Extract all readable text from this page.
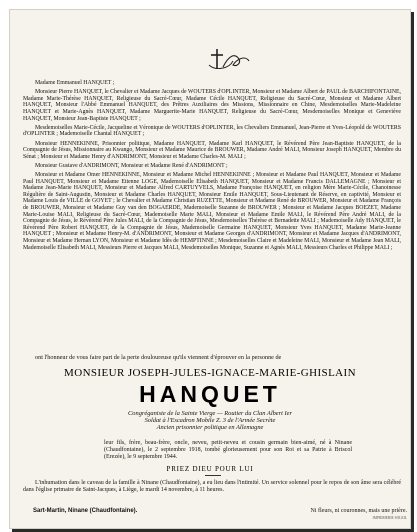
Madame Emmanuel HANQUET ;

Monsieur Pierre HANQUET, le Chevalier et Madame Jacques de WOUTERS d'OPLINTER, Monsieur et Madame Albert de PAUL de BARCHIFONTAINE, Madame Marie-Thérèse HANQUET, Religieuse du Sacré-Cœur, Madame Cécile HANQUET, Religieuse du Sacré-Cœur, Monsieur et Madame Albert HANQUET, Monsieur l'Abbé Emmanuel HANQUET, des Prêtres Auxiliaires des Missions, Missionnaire en Chine, Mesdemoiselles Marie-Madeleine HANQUET et Marie-Agnès HANQUET, Madame Marguerite-Marie HANQUET, Religieuse du Sacré-Cœur, Mesdemoiselles Monique et Geneviève HANQUET, Monsieur Jean-Baptiste HANQUET ;

Mesdemoiselles Marie-Cécile, Jacqueline et Véronique de WOUTERS d'OPLINTER, les Chevaliers Emmanuel, Jean-Pierre et Yves-Léopold de WOUTERS d'OPLINTER ; Mademoiselle Chantal HANQUET ;

Monsieur HENNEKINNE, Prisonnier politique, Madame HANQUET, Madame Karl HANQUET, le Révérend Père Jean-Baptiste HANQUET, de la Compagnie de Jésus, Missionnaire au Kwango, Monsieur et Madame Maurice de BROUWER, Madame André MALI, Monsieur Joseph HANQUET, Membre du Sénat ; Monsieur et Madame Henry d'ANDRIMONT, Monsieur et Madame Charles-M. MALI ;

Monsieur Gustave d'ANDRIMONT, Monsieur et Madame René d'ANDRIMONT ;

Monsieur et Madame Omer HENNEKINNE, Monsieur et Madame Michel HENNEKINNE ; Monsieur et Madame Paul HANQUET, Monsieur et Madame Paul HANQUET, Monsieur et Madame Etienne LOGE, Mademoiselle Elisabeth HANQUET, Monsieur et Madame Francis DALLEMAGNE ; Monsieur et Madame Jean-Marie HANQUET, Monsieur et Madame Alfred CARTUYVELS, Madame Françoise HANQUET, en religion Mère Marie-Cécile, Chanoinesse Régulière de Saint-Augustin, Monsieur et Madame Charles HANQUET, Monsieur Emile HANQUET, Sous-Lieutenant de Réserve, en captivité, Monsieur et Madame Louis de VILLE de GOYET ; le Chevalier et Madame Christian RUZETTE, Monsieur et Madame René de BROUWER, Monsieur et Madame François de BROUWER, Monsieur et Madame Guy van den BOGAERDE, Mademoiselle Suzanne de BROUWER ; Monsieur et Madame Jacques BOEZET, Madame Marie-Louise MALI, Religieuse du Sacré-Cœur, Mademoiselle Marie MALI, Monsieur et Madame Emile MALI, le Révérend Père André MALI, de la Compagnie de Jésus, le Révérend Père Jules MALI, de la Compagnie de Jésus, Mesdemoiselles Thérèse et Bernadette MALI ; Mademoiselle Ady HANQUET, le Révérend Père Robert HANQUET, de la Compagnie de Jésus, Mademoiselle Germaine HANQUET, Monsieur Yves HANQUET, Madame Marie-Jeanne HANQUET ; Monsieur et Madame Henry-M. d'ANDRIMONT, Monsieur et Madame Georges d'ANDRIMONT, Monsieur et Madame Jacques d'ANDRIMONT, Monsieur et Madame Hernan LYON, Monsieur et Madame Idès de HEMPTINNE ; Mesdemoiselles Claire et Madeleine MALI, Monsieur et Madame Jean MALI, Mademoiselle Elisabeth MALI, Messieurs Pierre et Jacques MALI, Mesdemoiselles Monique, Suzanne et Agnès MALI, Messieurs Charles et Philippe MALI ;

ont l'honneur de vous faire part de la perte douloureuse qu'ils viennent d'éprouver en la personne de

MONSIEUR JOSEPH-JULES-IGNACE-MARIE-GHISLAIN
HANQUET
Congréganiste de la Sainte Vierge — Routier du Clan Albert Ier
Soldat à l'Escadron Mobile Z. 3 de l'Armée Secrète
Ancien prisonnier politique en Allemagne
leur fils, frère, beau-frère, oncle, neveu, petit-neveu et cousin germain bien-aimé, né à Ninane (Chaudfontaine), le 2 septembre 1918, tombé glorieusement pour son Roi et sa Patrie à Briscol (Erezée), le 9 septembre 1944.
PRIEZ DIEU POUR LUI

L'inhumation dans le caveau de la famille à Ninane (Chaudfontaine), a eu lieu dans l'intimité. Un service solennel pour le repos de son âme sera célébré dans l'église primaire de Saint-Jacques, à Liège, le mardi 14 novembre, à 11 heures.

Sart-Martin, Ninane (Chaudfontaine).	Ni fleurs, ni couronnes, mais une prière.
IMPRIMERIE SOLEIL
